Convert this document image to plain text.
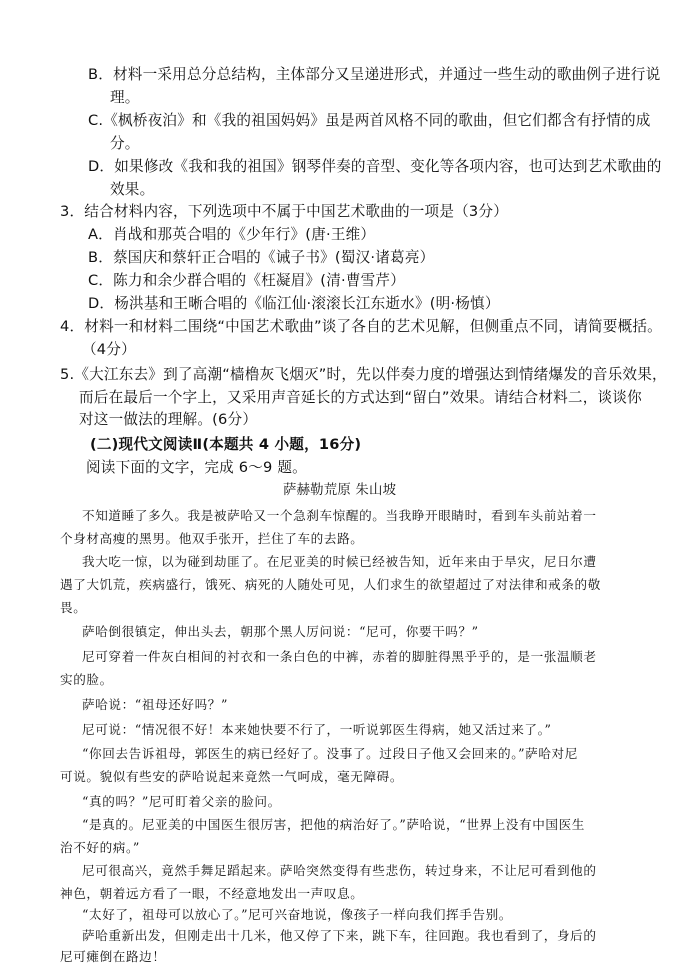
B．材料一采用总分总结构，主体部分又呈递进形式，并通过一些生动的歌曲例子进行说
理。
C.《枫桥夜泊》和《我的祖国妈妈》虽是两首风格不同的歌曲，但它们都含有抒情的成
分。
D．如果修改《我和我的祖国》钢琴伴奏的音型、变化等各项内容，也可达到艺术歌曲的
效果。
3．结合材料内容，下列选项中不属于中国艺术歌曲的一项是（3分）
A．肖战和那英合唱的《少年行》(唐·王维）
B．蔡国庆和蔡轩正合唱的《诫子书》(蜀汉·诸葛亮）
C．陈力和余少群合唱的《枉凝眉》(清·曹雪芹）
D．杨洪基和王晰合唱的《临江仙·滚滚长江东逝水》(明·杨慎）
4．材料一和材料二围绕“中国艺术歌曲”谈了各自的艺术见解，但侧重点不同，请简要概括。
（4分）
5.《大江东去》到了高潮“樯橹灰飞烟灭”时，先以伴奏力度的增强达到情绪爆发的音乐效果，
而后在最后一个字上，又采用声音延长的方式达到“留白”效果。请结合材料二，谈谈你
对这一做法的理解。(6分）
(二)现代文阅读Ⅱ(本题共 4 小题，16分)
阅读下面的文字，完成 6～9 题。
萨赫勒荒原 朱山坡
不知道睡了多久。我是被萨哈又一个急刹车惊醒的。当我睁开眼睛时，看到车头前站着一
个身材高瘦的黑男。他双手张开，拦住了车的去路。
我大吃一惊，以为碰到劫匪了。在尼亚美的时候已经被告知，近年来由于旱灾，尼日尔遭
遇了大饥荒，疾病盛行，饿死、病死的人随处可见，人们求生的欲望超过了对法律和戒条的敬
畏。
萨哈倒很镇定，伸出头去，朝那个黑人厉问说：“尼可，你要干吗？”
尼可穿着一件灰白相间的衬衣和一条白色的中裤，赤着的脚脏得黑乎乎的，是一张温顺老
实的脸。
萨哈说：“祖母还好吗？”
尼可说：“情况很不好！本来她快要不行了，一听说郭医生得病，她又活过来了。”
“你回去告诉祖母，郭医生的病已经好了。没事了。过段日子他又会回来的。”萨哈对尼
可说。貌似有些安的萨哈说起来竟然一气呵成，毫无障碍。
“真的吗？”尼可盯着父亲的脸问。
“是真的。尼亚美的中国医生很厉害，把他的病治好了。”萨哈说，“世界上没有中国医生
治不好的病。”
尼可很高兴，竟然手舞足蹈起来。萨哈突然变得有些悲伤，转过身来，不让尼可看到他的
神色，朝着远方看了一眼，不经意地发出一声叹息。
“太好了，祖母可以放心了。”尼可兴奋地说，像孩子一样向我们挥手告别。
萨哈重新出发，但刚走出十几米，他又停了下来，跳下车，往回跑。我也看到了，身后的
尼可瘫倒在路边！
